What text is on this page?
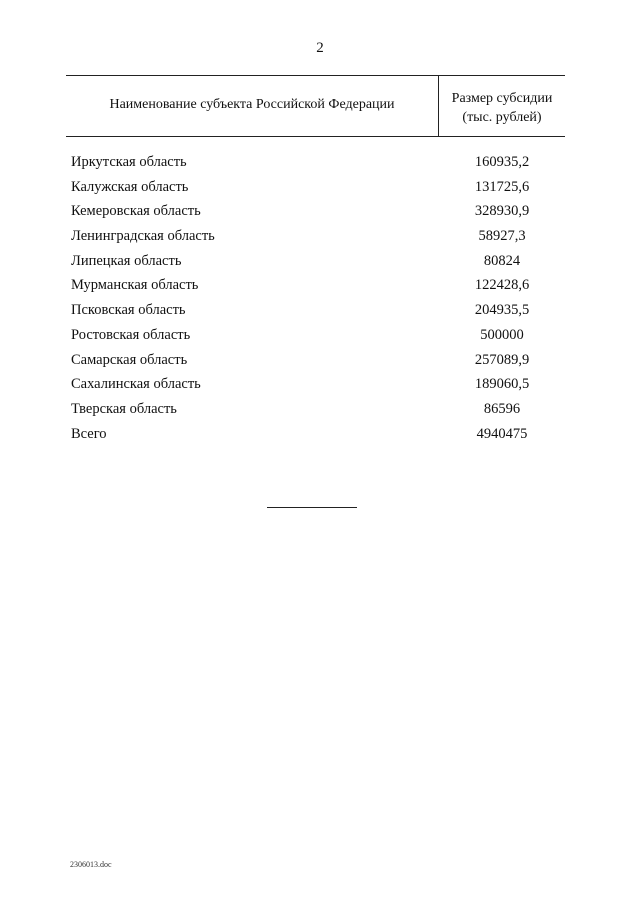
2
Наименование субъекта Российской Федерации	Размер субсидии
(тыс. рублей)
Иркутская область	160935,2
Калужская область	131725,6
Кемеровская область	328930,9
Ленинградская область	58927,3
Липецкая область	80824
Мурманская область	122428,6
Псковская область	204935,5
Ростовская область	500000
Самарская область	257089,9
Сахалинская область	189060,5
Тверская область	86596
Всего	4940475
2306013.doc
